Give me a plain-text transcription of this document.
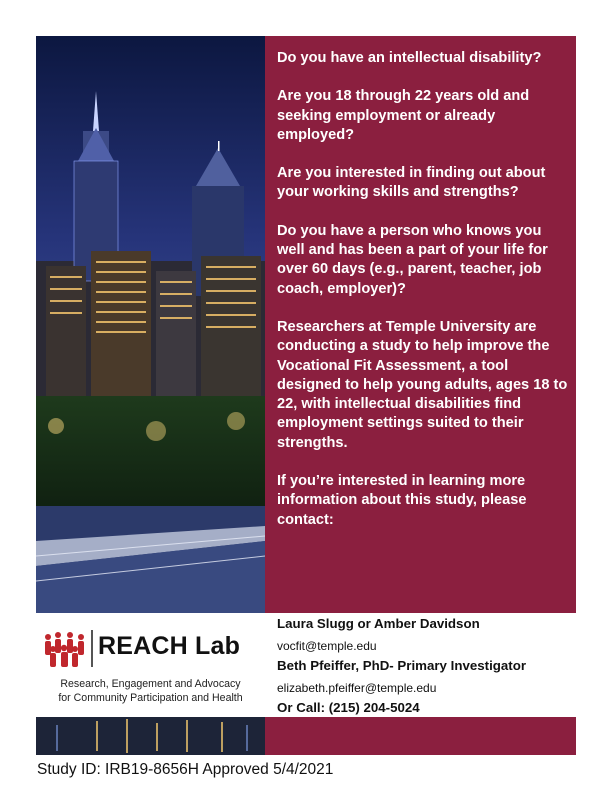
Do you have an intellectual disability?

Are you 18 through 22 years old and seeking employment or already employed?

Are you interested in finding out about your working skills and strengths?

Do you have a person who knows you well and has been a part of your life for over 60 days (e.g., parent, teacher, job coach, employer)?

Researchers at Temple University are conducting a study to help improve the Vocational Fit Assessment, a tool designed to help young adults, ages 18 to 22, with intellectual disabilities find employment settings suited to their strengths.

If you’re interested in learning more information about this study, please contact:

REACH Lab
Research, Engagement and Advocacy
for Community Participation and Health
Laura Slugg or Amber Davidson
vocfit@temple.edu
Beth Pfeiffer, PhD- Primary Investigator
elizabeth.pfeiffer@temple.edu
Or Call: (215) 204-5024
Study ID: IRB19-8656H Approved 5/4/2021
